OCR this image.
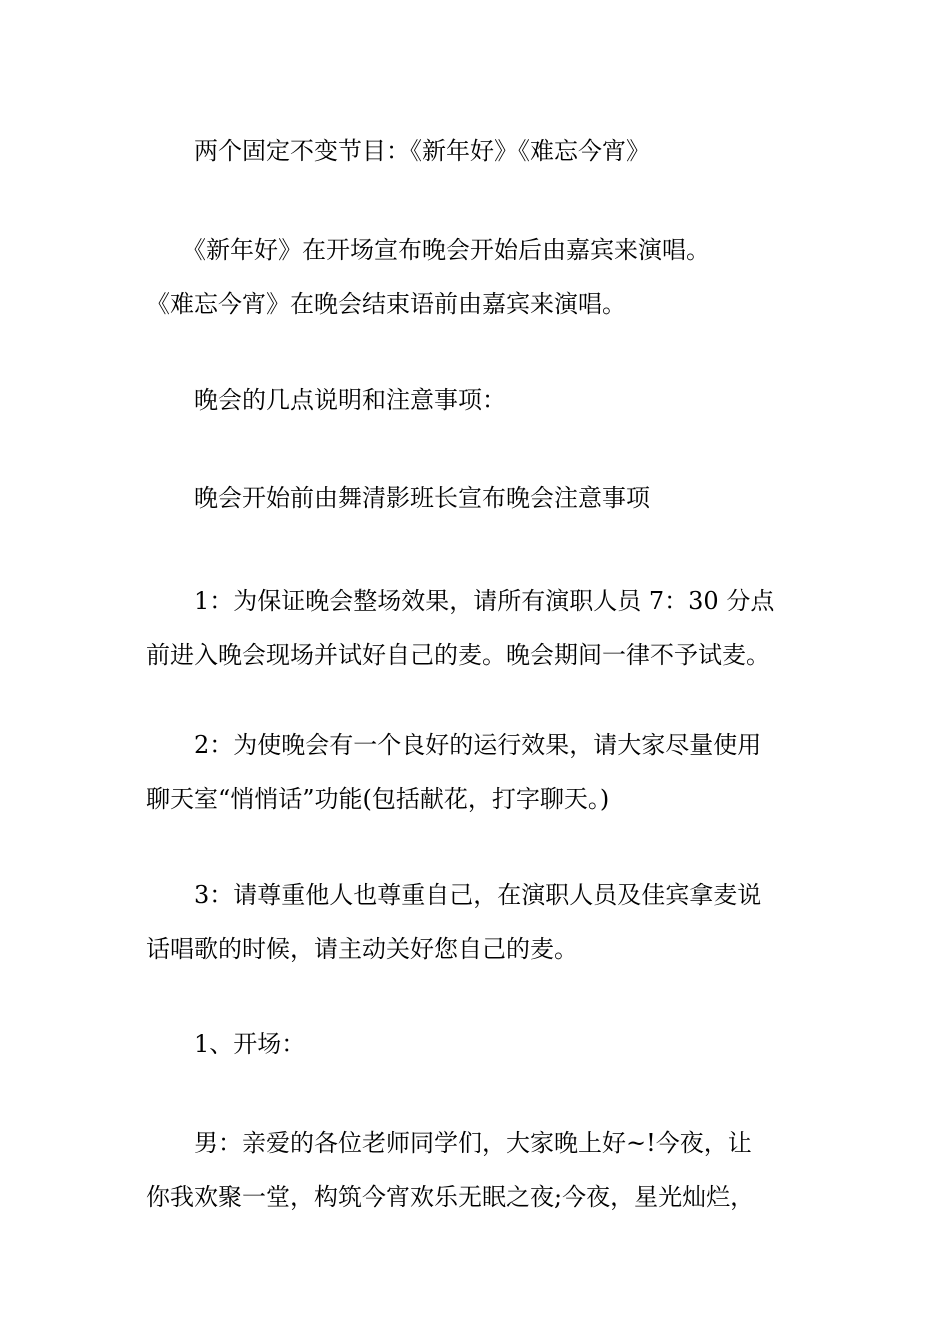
　　两个固定不变节目：《新年好》《难忘今宵》

　　《新年好》在开场宣布晚会开始后由嘉宾来演唱。
《难忘今宵》在晚会结束语前由嘉宾来演唱。

　　晚会的几点说明和注意事项：

　　晚会开始前由舞清影班长宣布晚会注意事项

　　1：为保证晚会整场效果，请所有演职人员 7：30 分点
前进入晚会现场并试好自己的麦。晚会期间一律不予试麦。

　　2：为使晚会有一个良好的运行效果，请大家尽量使用
聊天室“悄悄话”功能(包括献花，打字聊天。)

　　3：请尊重他人也尊重自己，在演职人员及佳宾拿麦说
话唱歌的时候，请主动关好您自己的麦。

　　1、开场：

　　男：亲爱的各位老师同学们，大家晚上好~!今夜，让
你我欢聚一堂，构筑今宵欢乐无眠之夜;今夜，星光灿烂，
